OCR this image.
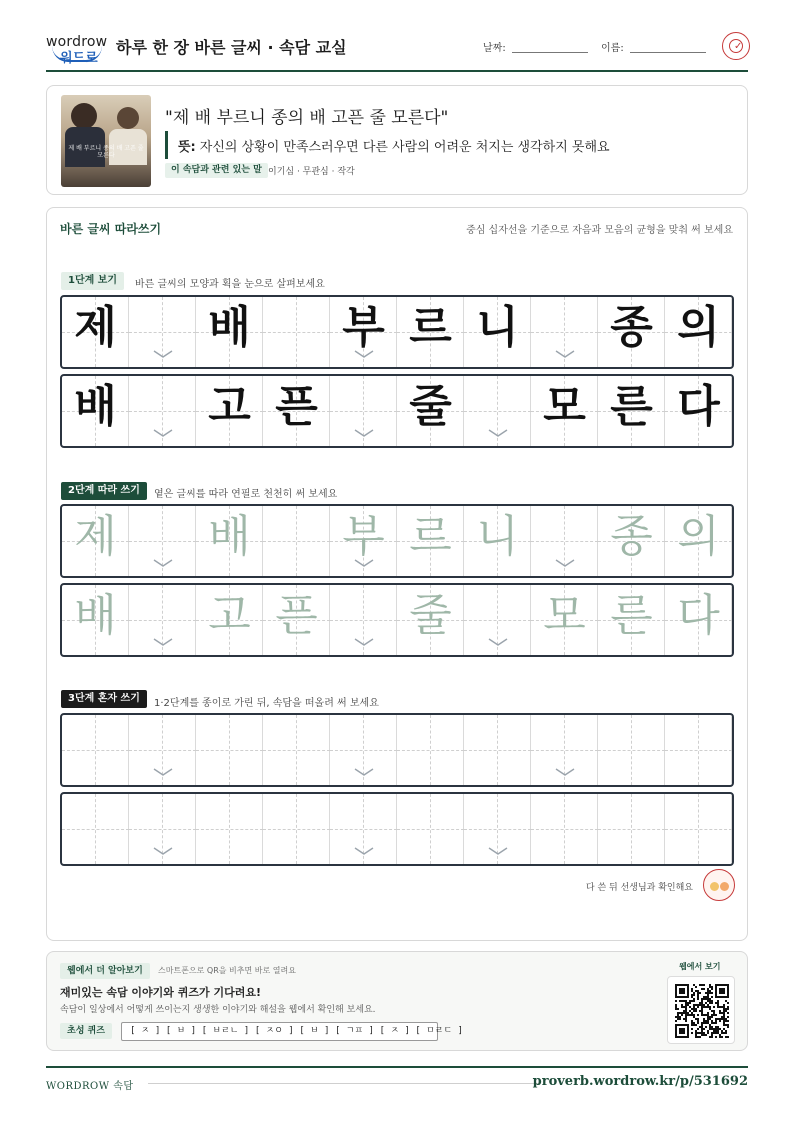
wordrow
워드로
하루 한 장 바른 글씨 · 속담 교실	날짜:	이름:	✓
제 배 부르니 종의 배 고픈 줄 모른다
"제 배 부르니 종의 배 고픈 줄 모른다"
뜻: 자신의 상황이 만족스러우면 다른 사람의 어려운 처지는 생각하지 못해요
이 속담과 관련 있는 말 이기심 · 무관심 · 작각
바른 글씨 따라쓰기	중심 십자선을 기준으로 자음과 모음의 균형을 맞춰 써 보세요
1단계 보기	바른 글씨의 모양과 획을 눈으로 살펴보세요
2단계 따라 쓰기	옅은 글씨를 따라 연필로 천천히 써 보세요
3단계 혼자 쓰기	1·2단계를 종이로 가린 뒤, 속담을 떠올려 써 보세요
다 쓴 뒤 선생님과 확인해요
제 배 부 르 니 종 의
배 고 픈 줄 모 른 다
제 배 부 르 니 종 의
배 고 픈 줄 모 른 다
웹에서 더 알아보기	스마트폰으로 QR을 비추면 바로 열려요
재미있는 속담 이야기와 퀴즈가 기다려요!
속담이 일상에서 어떻게 쓰이는지 생생한 이야기와 해설을 웹에서 확인해 보세요.
초성 퀴즈	[ ㅈ ] [ ㅂ ] [ ㅂㄹㄴ ] [ ㅈㅇ ] [ ㅂ ] [ ㄱㅍ ] [ ㅈ ] [ ㅁㄹㄷ ]
웹에서 보기
WORDROW 속담	proverb.wordrow.kr/p/531692
